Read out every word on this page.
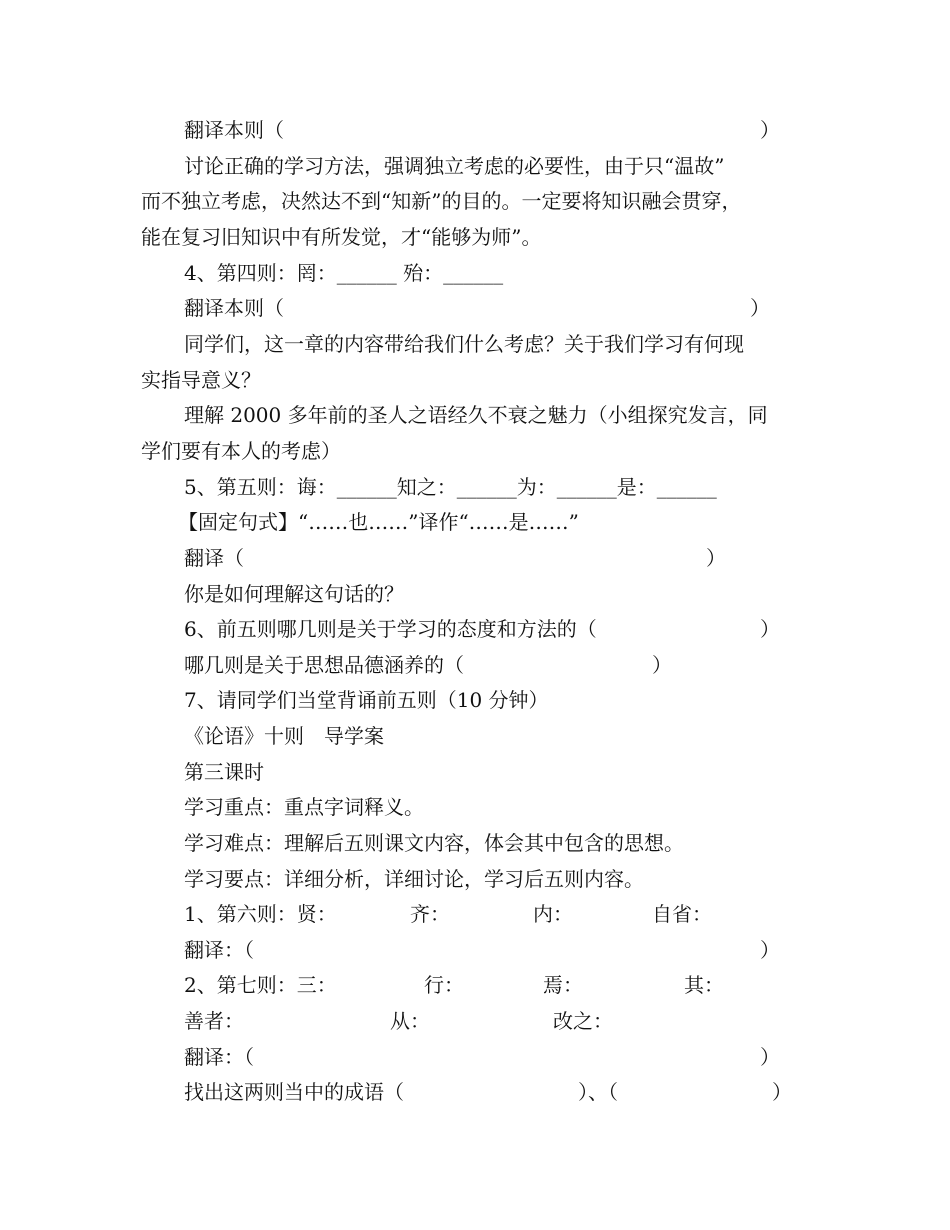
翻译本则（	）
讨论正确的学习方法，强调独立考虑的必要性，由于只“温故”
而不独立考虑，决然达不到“知新”的目的。一定要将知识融会贯穿，
能在复习旧知识中有所发觉，才“能够为师”。
4、第四则：罔：______ 殆：______
翻译本则（	）
同学们，这一章的内容带给我们什么考虑？关于我们学习有何现
实指导意义？
理解 2000 多年前的圣人之语经久不衰之魅力（小组探究发言，同
学们要有本人的考虑）
5、第五则：诲：______知之：______为：______是：______
【固定句式】“……也……”译作“……是……”
翻译（	）
你是如何理解这句话的？
6、前五则哪几则是关于学习的态度和方法的（	）
哪几则是关于思想品德涵养的（	）
7、请同学们当堂背诵前五则（10 分钟）
《论语》十则　导学案
第三课时
学习重点：重点字词释义。
学习难点：理解后五则课文内容，体会其中包含的思想。
学习要点：详细分析，详细讨论，学习后五则内容。
1、第六则：贤：	齐：	内：	自省：
翻译：（	）
2、第七则：三：	行：	焉：	其：
善者：	从：	改之：
翻译：（	）
找出这两则当中的成语（	）、（	）
